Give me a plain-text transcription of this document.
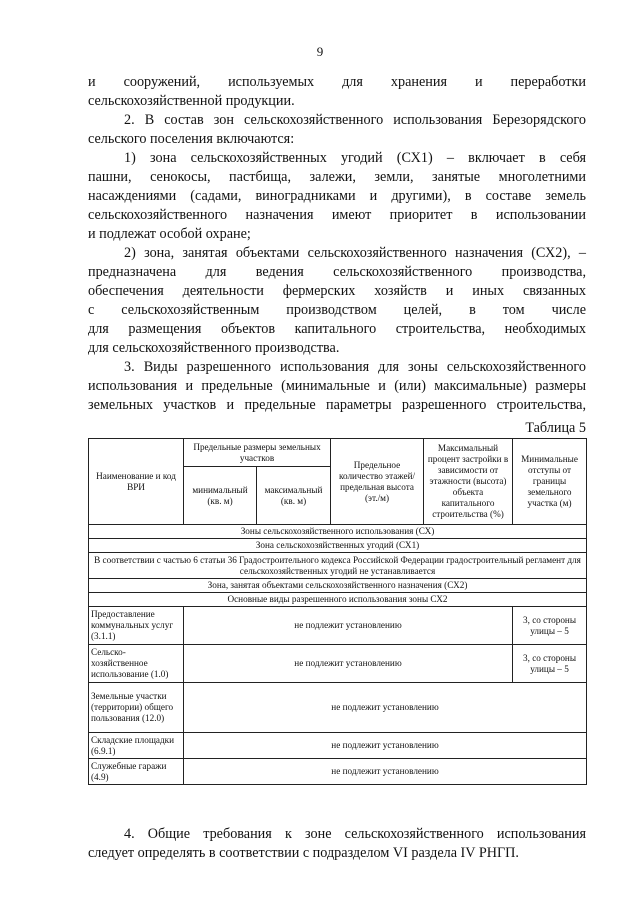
9
и сооружений, используемых для хранения и переработки
сельскохозяйственной продукции.
2. В состав зон сельскохозяйственного использования Березорядского
сельского поселения включаются:
1) зона сельскохозяйственных угодий (СХ1) – включает в себя
пашни, сенокосы, пастбища, залежи, земли, занятые многолетними
насаждениями (садами, виноградниками и другими), в составе земель
сельскохозяйственного назначения имеют приоритет в использовании
и подлежат особой охране;
2) зона, занятая объектами сельскохозяйственного назначения (СХ2), –
предназначена для ведения сельскохозяйственного производства,
обеспечения деятельности фермерских хозяйств и иных связанных
с сельскохозяйственным производством целей, в том числе
для размещения объектов капитального строительства, необходимых
для сельскохозяйственного производства.
3. Виды разрешенного использования для зоны сельскохозяйственного
использования и предельные (минимальные и (или) максимальные) размеры
земельных участков и предельные параметры разрешенного строительства,
Таблица 5
Наименование и код ВРИ	Предельные размеры земельных участков		Предельное количество этажей/ предельная высота (эт./м)	Максимальный процент застройки в зависимости от этажности (высота) объекта капитального строительства (%)	Минимальные отступы от границы земельного участка (м)
	минимальный (кв. м)	максимальный (кв. м)			
Зоны сельскохозяйственного использования (СХ)					
Зона сельскохозяйственных угодий (СХ1)					
В соответствии с частью 6 статьи 36 Градостроительного кодекса Российской Федерации градостроительный регламент для сельскохозяйственных угодий не устанавливается					
Зона, занятая объектами сельскохозяйственного назначения (СХ2)					
Основные виды разрешенного использования зоны СХ2					
Предоставление коммунальных услуг (3.1.1)	не подлежит установлению				3, со стороны улицы – 5
Сельско-хозяйственное использование (1.0)	не подлежит установлению				3, со стороны улицы – 5
Земельные участки (территории) общего пользования (12.0)	не подлежит установлению				
Складские площадки (6.9.1)	не подлежит установлению				
Служебные гаражи (4.9)	не подлежит установлению				
4. Общие требования к зоне сельскохозяйственного использования
следует определять в соответствии с подразделом VI раздела IV РНГП.
